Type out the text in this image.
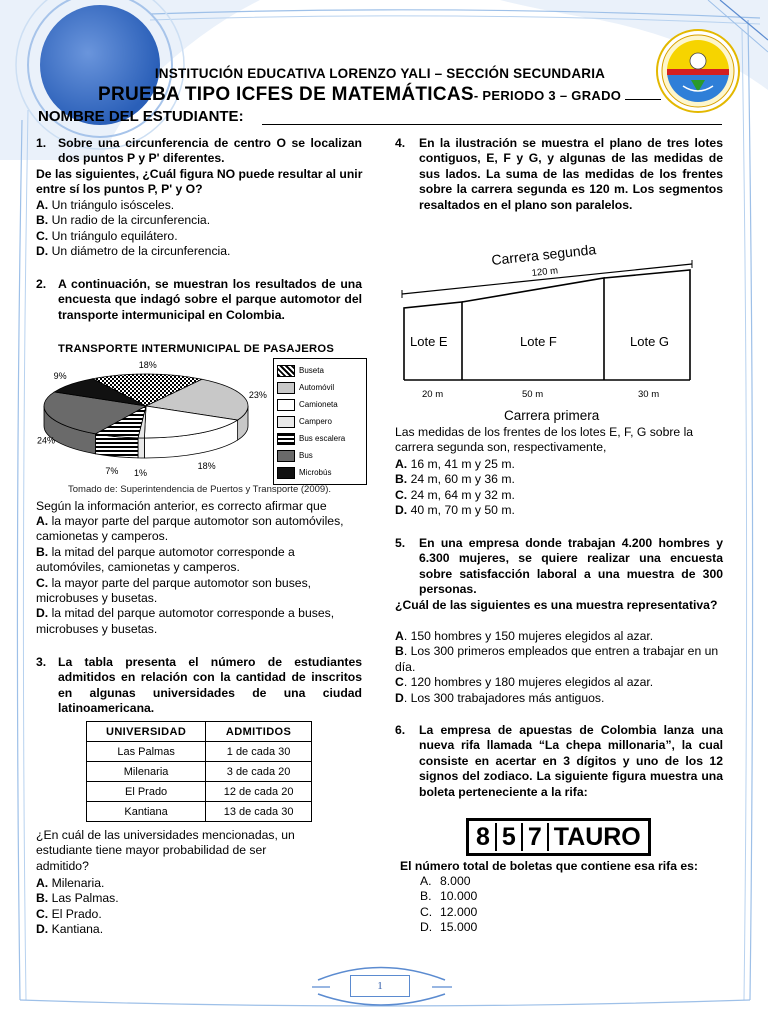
INSTITUCIÓN EDUCATIVA LORENZO YALI – SECCIÓN SECUNDARIA
PRUEBA TIPO ICFES DE MATEMÁTICAS- PERIODO 3 – GRADO
NOMBRE DEL ESTUDIANTE:
1. Sobre una circunferencia de centro O se localizan dos puntos P y P' diferentes.
De las siguientes, ¿Cuál figura NO puede resultar al unir entre sí los puntos P, P' y O?
A. Un triángulo isósceles.
B. Un radio de la circunferencia.
C. Un triángulo equilátero.
D. Un diámetro de la circunferencia.
2. A continuación, se muestran los resultados de una encuesta que indagó sobre el parque automotor del transporte intermunicipal en Colombia.
TRANSPORTE INTERMUNICIPAL DE PASAJEROS
18%
23%
18%
1%
7%
24%
9%
Buseta
Automóvil
Camioneta
Campero
Bus escalera
Bus
Microbús
Tomado de: Superintendencia de Puertos y Transporte (2009).
Según la información anterior, es correcto afirmar que
A. la mayor parte del parque automotor son automóviles, camionetas y camperos.
B. la mitad del parque automotor corresponde a automóviles, camionetas y camperos.
C. la mayor parte del parque automotor son buses, microbuses y busetas.
D. la mitad del parque automotor corresponde a buses, microbuses y busetas.
3. La tabla presenta el número de estudiantes admitidos en relación con la cantidad de inscritos en algunas universidades de una ciudad latinoamericana.
UNIVERSIDAD	ADMITIDOS
Las Palmas	1 de cada 30
Milenaria	3 de cada 20
El Prado	12 de cada 20
Kantiana	13 de cada 30
¿En cuál de las universidades mencionadas, un estudiante tiene mayor probabilidad de ser admitido?
A. Milenaria.
B. Las Palmas.
C. El Prado.
D. Kantiana.
4.	En la ilustración se muestra el plano de tres lotes contiguos, E, F y G, y algunas de las medidas de sus lados. La suma de las medidas de los frentes sobre la carrera segunda es 120 m. Los segmentos resaltados en el plano son paralelos.
Carrera segunda
120 m
Lote E	Lote F	Lote G
20 m	50 m	30 m
Carrera primera
Las medidas de los frentes de los lotes E, F, G sobre la carrera segunda son, respectivamente,
A. 16 m, 41 m y 25 m.
B. 24 m, 60 m y 36 m.
C. 24 m, 64 m y 32 m.
D. 40 m, 70 m y 50 m.
5.	En una empresa donde trabajan 4.200 hombres y 6.300 mujeres, se quiere realizar una encuesta sobre satisfacción laboral a una muestra de 300 personas.
¿Cuál de las siguientes es una muestra representativa?
A. 150 hombres y 150 mujeres elegidos al azar.
B. Los 300 primeros empleados que entren a trabajar en un día.
C. 120 hombres y 180 mujeres elegidos al azar.
D. Los 300 trabajadores más antiguos.
6.	La empresa de apuestas de Colombia lanza una nueva rifa llamada “La chepa millonaria”, la cual consiste en acertar en 3 dígitos y uno de los 12 signos del zodiaco. La siguiente figura muestra una boleta perteneciente a la rifa:
8 5 7 TAURO
El número total de boletas que contiene esa rifa es:
A. 8.000
B. 10.000
C. 12.000
D. 15.000
1
